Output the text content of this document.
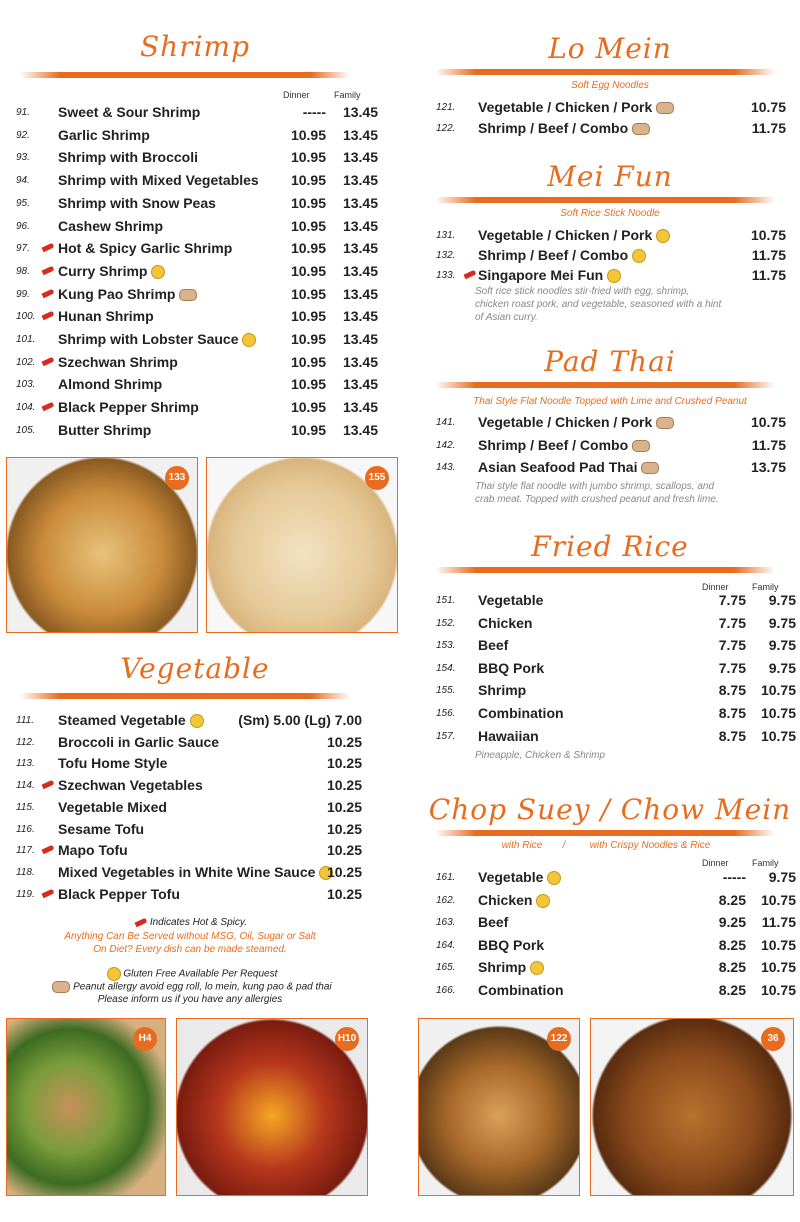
Shrimp
Dinner	Family
91.	Sweet & Sour Shrimp	-----	13.45
92.	Garlic Shrimp	10.95	13.45
93.	Shrimp with Broccoli	10.95	13.45
94.	Shrimp with Mixed Vegetables	10.95	13.45
95.	Shrimp with Snow Peas	10.95	13.45
96.	Cashew Shrimp	10.95	13.45
97.	Hot & Spicy Garlic Shrimp	10.95	13.45
98.	Curry Shrimp	10.95	13.45
99.	Kung Pao Shrimp	10.95	13.45
100.	Hunan Shrimp	10.95	13.45
101.	Shrimp with Lobster Sauce	10.95	13.45
102.	Szechwan Shrimp	10.95	13.45
103.	Almond Shrimp	10.95	13.45
104.	Black Pepper Shrimp	10.95	13.45
105.	Butter Shrimp	10.95	13.45
133	155
Vegetable
111.	Steamed Vegetable	(Sm) 5.00 (Lg) 7.00
112.	Broccoli in Garlic Sauce	10.25
113.	Tofu Home Style	10.25
114.	Szechwan Vegetables	10.25
115.	Vegetable Mixed	10.25
116.	Sesame Tofu	10.25
117.	Mapo Tofu	10.25
118.	Mixed Vegetables in White Wine Sauce 10.25
119.	Black Pepper Tofu	10.25
Indicates Hot & Spicy.
Anything Can Be Served without MSG, Oil, Sugar or Salt
On Diet? Every dish can be made steamed.
Gluten Free Available Per Request
Peanut allergy avoid egg roll, lo mein, kung pao & pad thai
Please inform us if you have any allergies
H4	H10
Lo Mein
Soft Egg Noodles
121.	Vegetable / Chicken / Pork	10.75
122.	Shrimp / Beef / Combo	11.75
Mei Fun
Soft Rice Stick Noodle
131.	Vegetable / Chicken / Pork	10.75
132.	Shrimp / Beef / Combo	11.75
133.	Singapore Mei Fun	11.75
Soft rice stick noodles stir-fried with egg, shrimp,
chicken roast pork, and vegetable, seasoned with a hint
of Asian curry.
Pad Thai
Thai Style Flat Noodle Topped with Lime and Crushed Peanut
141.	Vegetable / Chicken / Pork	10.75
142.	Shrimp / Beef / Combo	11.75
143.	Asian Seafood Pad Thai	13.75
Thai style flat noodle with jumbo shrimp, scallops, and
crab meat. Topped with crushed peanut and fresh lime.
Fried Rice
Dinner	Family
151.	Vegetable	7.75	9.75
152.	Chicken	7.75	9.75
153.	Beef	7.75	9.75
154.	BBQ Pork	7.75	9.75
155.	Shrimp	8.75	10.75
156.	Combination	8.75	10.75
157.	Hawaiian	8.75	10.75
Pineapple, Chicken & Shrimp
Chop Suey / Chow Mein
with Rice	/	with Crispy Noodles & Rice
Dinner	Family
161.	Vegetable	-----	9.75
162.	Chicken	8.25	10.75
163.	Beef	9.25	11.75
164.	BBQ Pork	8.25	10.75
165.	Shrimp	8.25	10.75
166.	Combination	8.25	10.75
122	36
